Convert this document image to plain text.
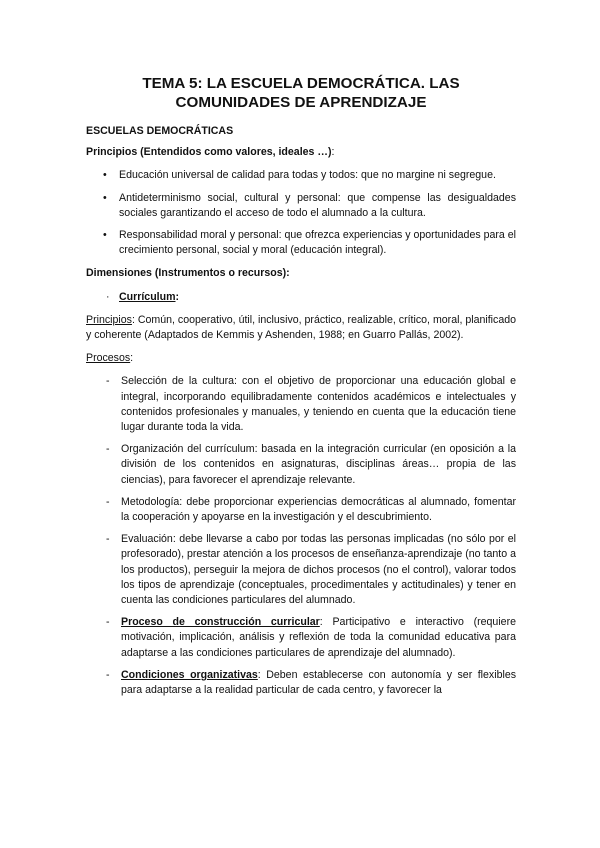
TEMA 5: LA ESCUELA DEMOCRÁTICA. LAS
COMUNIDADES DE APRENDIZAJE
ESCUELAS DEMOCRÁTICAS
Principios (Entendidos como valores, ideales …):
• Educación universal de calidad para todas y todos: que no margine ni segregue.
• Antideterminismo social, cultural y personal: que compense las desigualdades sociales garantizando el acceso de todo el alumnado a la cultura.
• Responsabilidad moral y personal: que ofrezca experiencias y oportunidades para el crecimiento personal, social y moral (educación integral).
Dimensiones (Instrumentos o recursos):
· Currículum:

Principios: Común, cooperativo, útil, inclusivo, práctico, realizable, crítico, moral, planificado y coherente (Adaptados de Kemmis y Ashenden, 1988; en Guarro Pallás, 2002).

Procesos:
- Selección de la cultura: con el objetivo de proporcionar una educación global e integral, incorporando equilibradamente contenidos académicos e intelectuales y contenidos profesionales y manuales, y teniendo en cuenta que la educación tiene lugar durante toda la vida.
- Organización del currículum: basada en la integración curricular (en oposición a la división de los contenidos en asignaturas, disciplinas áreas… propia de las ciencias), para favorecer el aprendizaje relevante.
- Metodología: debe proporcionar experiencias democráticas al alumnado, fomentar la cooperación y apoyarse en la investigación y el descubrimiento.
- Evaluación: debe llevarse a cabo por todas las personas implicadas (no sólo por el profesorado), prestar atención a los procesos de enseñanza-aprendizaje (no tanto a los productos), perseguir la mejora de dichos procesos (no el control), valorar todos los tipos de aprendizaje (conceptuales, procedimentales y actitudinales) y tener en cuenta las condiciones particulares del alumnado.
- Proceso de construcción curricular: Participativo e interactivo (requiere motivación, implicación, análisis y reflexión de toda la comunidad educativa para adaptarse a las condiciones particulares de aprendizaje del alumnado).
- Condiciones organizativas: Deben establecerse con autonomía y ser flexibles para adaptarse a la realidad particular de cada centro, y favorecer la
